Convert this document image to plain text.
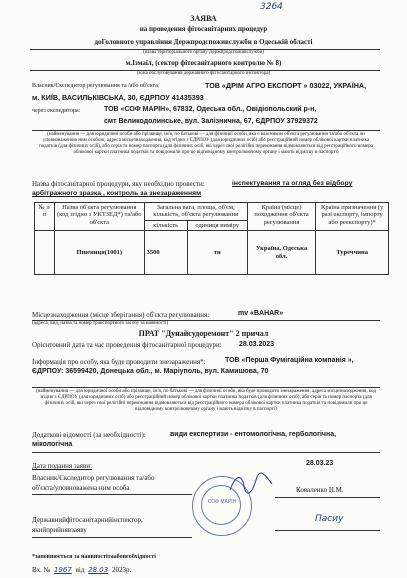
3264
ЗАЯВА
на проведення фітосанітарних процедур
доГоловного управління Держпродспоживслужби в Одеській області
(назва територіального органу Держпродспоживслужби)
м.Ізмаїл, (сектор фітосанітарного контролю № 8)
(зона обслуговування державного фітосанітарного інспектора)
Власник/Єкспедитор регулювання та /або об'єкта:	ТОВ «ДРІМ АГРО ЕКСПОРТ » 03022, УКРАЇНА,
м. КИЇВ, ВАСИЛЬКІВСЬКА, 30, ЄДРПОУ 41435393
через експедитора:	ТОВ «СОФ МАРІН», 67832, Одеська обл., Овідіопольский р-н,
смт Великодолинське, вул. Залізнична, 67, ЄДРПОУ 37929372
(найменування — для юридичної особи або прізвище, ім'я, по батькові — для фізичної особи, яка є власником об'єкта регулювання та/або об'єкта чи уповноваженою ним особою, адреса місцезнаходження, код згідно з ЄДРПОУ (для юридичних осіб) або реєстраційний номер облікової картки платника податків (для фізичних осіб), або серія та номер паспорта (для фізичних осіб, які через свої релігійні переконання відмовляються від реєстраційного номера облікової картки платника податків та повідомили про це відповідному контролюючому органу і мають відмітку в паспорті)
Назва фітосанітарної процедури, яку необхідно провести:	інспектування та огляд без відбору
арбітражного зразка , контроль за знезараженням
№ з/п	Назва об'єкта регулювання (код згідно з УКТЗЕД*) та/або об'єкта	Загальна вага, площа, об'єм, кількість, об'єкта регулювання		Країна (місце) походження об'єкта регулювання	Країна призначення (у разі експорту, імпорту або реекспорту)*
		кількість	одиниця виміру		
	Пшениця(1001)	3500	тн	Україна, Одеська обл.	Туреччина
Місцезнаходження (місце зберігання) об'єкта регулювання:	mv «BAHAR»
(адреса, вид, назва та номер транспортного засобу за наявності)
ПРАТ "Дунайсудоремонт" 2 причал
Орієнтовний дата та час проведення фітосанітарної процедури: 28.03.2023
Інформація про особу, яка буде проводити знезараження*:	ТОВ «Перша Фумігаційна компанія »,
ЄДРПОУ: 36599420, Донецька обл., м. Маріуполь, вул. Камишова, 70
(найменування — для юридичної особи або прізвище, ім'я, по батькові — для фізичної особи, яка буде проводити знезараження, адреса місцезнаходження, код згідно з ЄДРПОУ (для юридичних осіб) або реєстраційний номер облікової картки платника податків (для фізичних осіб), або серія та номер паспорта (для фізичних осіб, які через свої релігійні переконання відмовляються від реєстраційного номера облікової картки платника податків та повідомили про це відповідному контролюючому органу і мають відмітку в паспорті)
Додаткові відомості (за необхідності):	види експертизи - ентомологічна, гербологічна,
мікологічна
Дата подання заяви:	28.03.23
Власник/Єкспедитор регулювання та/або
об'єкта/уповноважена ним особа	Коваленко Н.М.
СОФ МАРІН
Державнийфітосанітарнийінспектор,
якийприйнявзаяву
Пасиу
*заповнюється за наявностітаабонеобхідності
Вх. № 1967 від 28.03 2023р.
